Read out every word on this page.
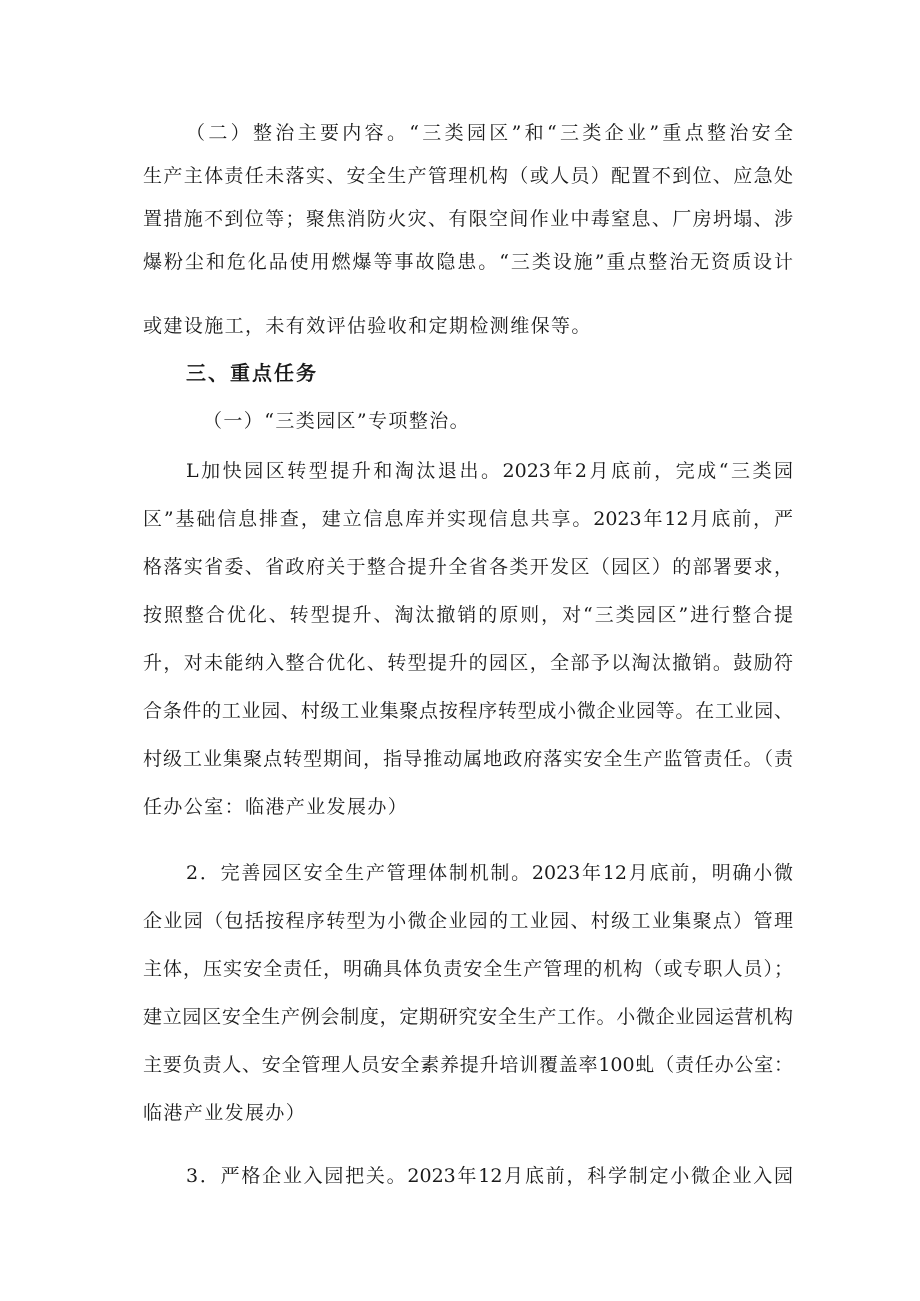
（二）整治主要内容。“三类园区”和“三类企业”重点整治安全
生产主体责任未落实、安全生产管理机构（或人员）配置不到位、应急处
置措施不到位等；聚焦消防火灾、有限空间作业中毒窒息、厂房坍塌、涉
爆粉尘和危化品使用燃爆等事故隐患。“三类设施”重点整治无资质设计
或建设施工，未有效评估验收和定期检测维保等。
三、重点任务
（一）“三类园区”专项整治。
L加快园区转型提升和淘汰退出。2023年2月底前，完成“三类园
区”基础信息排查，建立信息库并实现信息共享。2023年12月底前，严
格落实省委、省政府关于整合提升全省各类开发区（园区）的部署要求，
按照整合优化、转型提升、淘汰撤销的原则，对“三类园区”进行整合提
升，对未能纳入整合优化、转型提升的园区，全部予以淘汰撤销。鼓励符
合条件的工业园、村级工业集聚点按程序转型成小微企业园等。在工业园、
村级工业集聚点转型期间，指导推动属地政府落实安全生产监管责任。（责
任办公室：临港产业发展办）
2．完善园区安全生产管理体制机制。2023年12月底前，明确小微
企业园（包括按程序转型为小微企业园的工业园、村级工业集聚点）管理
主体，压实安全责任，明确具体负责安全生产管理的机构（或专职人员）；
建立园区安全生产例会制度，定期研究安全生产工作。小微企业园运营机构
主要负责人、安全管理人员安全素养提升培训覆盖率100虬（责任办公室：
临港产业发展办）
3．严格企业入园把关。2023年12月底前，科学制定小微企业入园
